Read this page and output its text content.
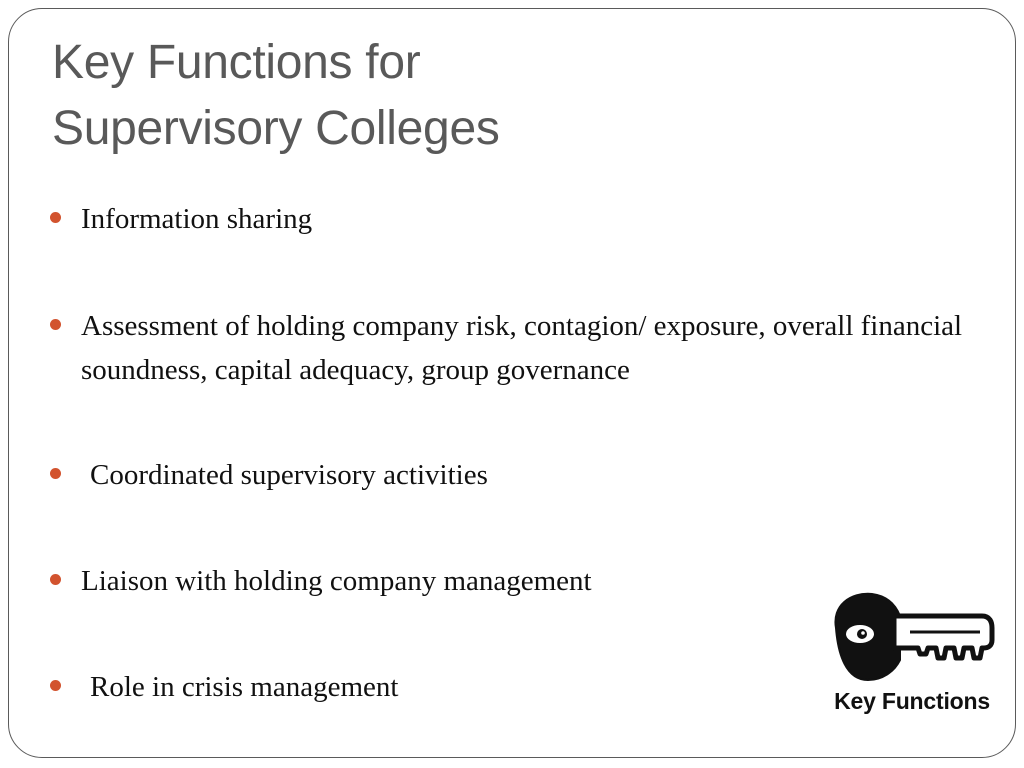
Key Functions for
Supervisory Colleges
Information sharing
Assessment of holding company risk, contagion/ exposure, overall financial soundness, capital adequacy, group governance
Coordinated supervisory activities
Liaison with holding company management
Role in crisis management	Key Functions
